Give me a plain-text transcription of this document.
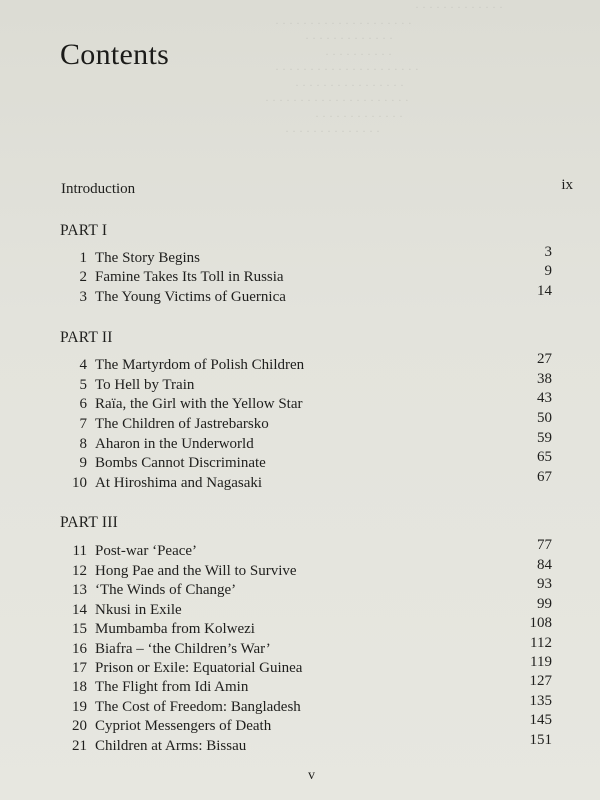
· · · · · · · · · · · · ·
· · · · · · · · · · · · · · · · · · · ·
· · · · · · · · · · · · ·
· · · · · · · · · ·
· · · · · · · · · · · · · · · · · · · · ·
· · · · · · · · · · · · · · · ·
· · · · · · · · · · · · · · · · · · · · ·
· · · · · · · · · · · · ·
· · · · · · · · · · · · · ·
Contents
Introduction	ix
PART I
1 The Story Begins	3
2 Famine Takes Its Toll in Russia	9
3 The Young Victims of Guernica	14
PART II
4 The Martyrdom of Polish Children	27
5 To Hell by Train	38
6 Raïa, the Girl with the Yellow Star	43
7 The Children of Jastrebarsko	50
8 Aharon in the Underworld	59
9 Bombs Cannot Discriminate	65
10 At Hiroshima and Nagasaki	67
PART III
11 Post-war ‘Peace’	77
12 Hong Pae and the Will to Survive	84
13 ‘The Winds of Change’	93
14 Nkusi in Exile	99
15 Mumbamba from Kolwezi	108
16 Biafra – ‘the Children’s War’	112
17 Prison or Exile: Equatorial Guinea	119
18 The Flight from Idi Amin	127
19 The Cost of Freedom: Bangladesh	135
20 Cypriot Messengers of Death	145
21 Children at Arms: Bissau	151
v
